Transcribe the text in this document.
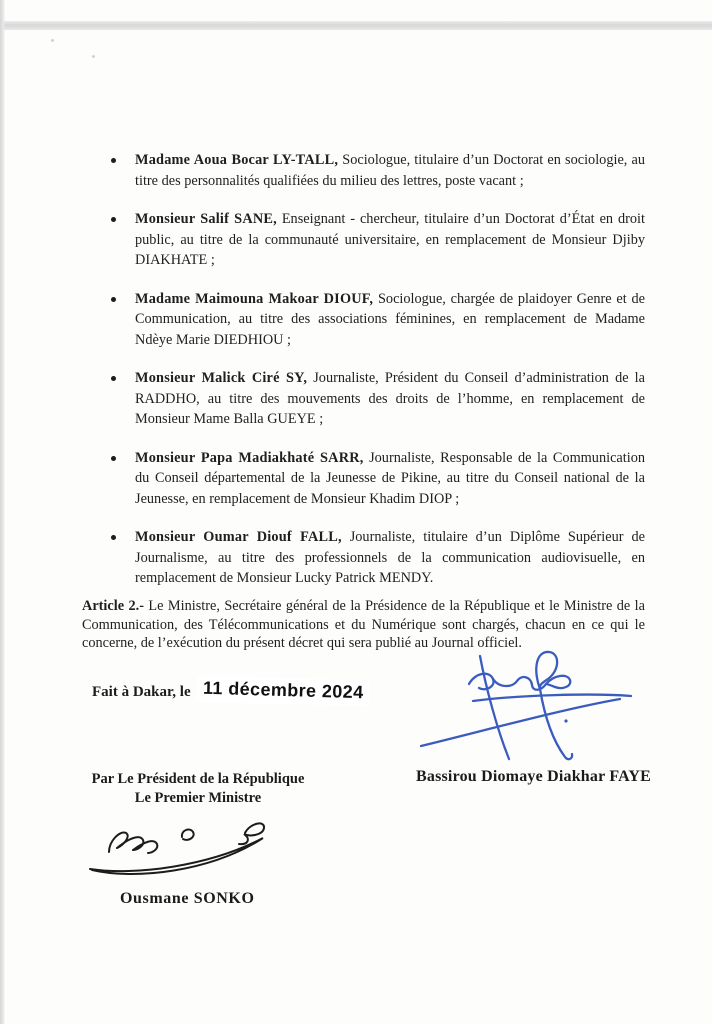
Madame Aoua Bocar LY-TALL, Sociologue, titulaire d’un Doctorat en sociologie, au titre des personnalités qualifiées du milieu des lettres, poste vacant ;

Monsieur Salif SANE, Enseignant - chercheur, titulaire d’un Doctorat d’État en droit public, au titre de la communauté universitaire, en remplacement de Monsieur Djiby DIAKHATE ;

Madame Maimouna Makoar DIOUF, Sociologue, chargée de plaidoyer Genre et de Communication, au titre des associations féminines, en remplacement de Madame Ndèye Marie DIEDHIOU ;

Monsieur Malick Ciré SY, Journaliste, Président du Conseil d’administration de la RADDHO, au titre des mouvements des droits de l’homme, en remplacement de Monsieur Mame Balla GUEYE ;

Monsieur Papa Madiakhaté SARR, Journaliste, Responsable de la Communication du Conseil départemental de la Jeunesse de Pikine, au titre du Conseil national de la Jeunesse, en remplacement de Monsieur Khadim DIOP ;

Monsieur Oumar Diouf FALL, Journaliste, titulaire d’un Diplôme Supérieur de Journalisme, au titre des professionnels de la communication audiovisuelle, en remplacement de Monsieur Lucky Patrick MENDY.

Article 2.- Le Ministre, Secrétaire général de la Présidence de la République et le Ministre de la Communication, des Télécommunications et du Numérique sont chargés, chacun en ce qui le concerne, de l’exécution du présent décret qui sera publié au Journal officiel.

Fait à Dakar, le 11 décembre 2024
Bassirou Diomaye Diakhar FAYE
Par Le Président de la République
Le Premier Ministre
Ousmane SONKO
